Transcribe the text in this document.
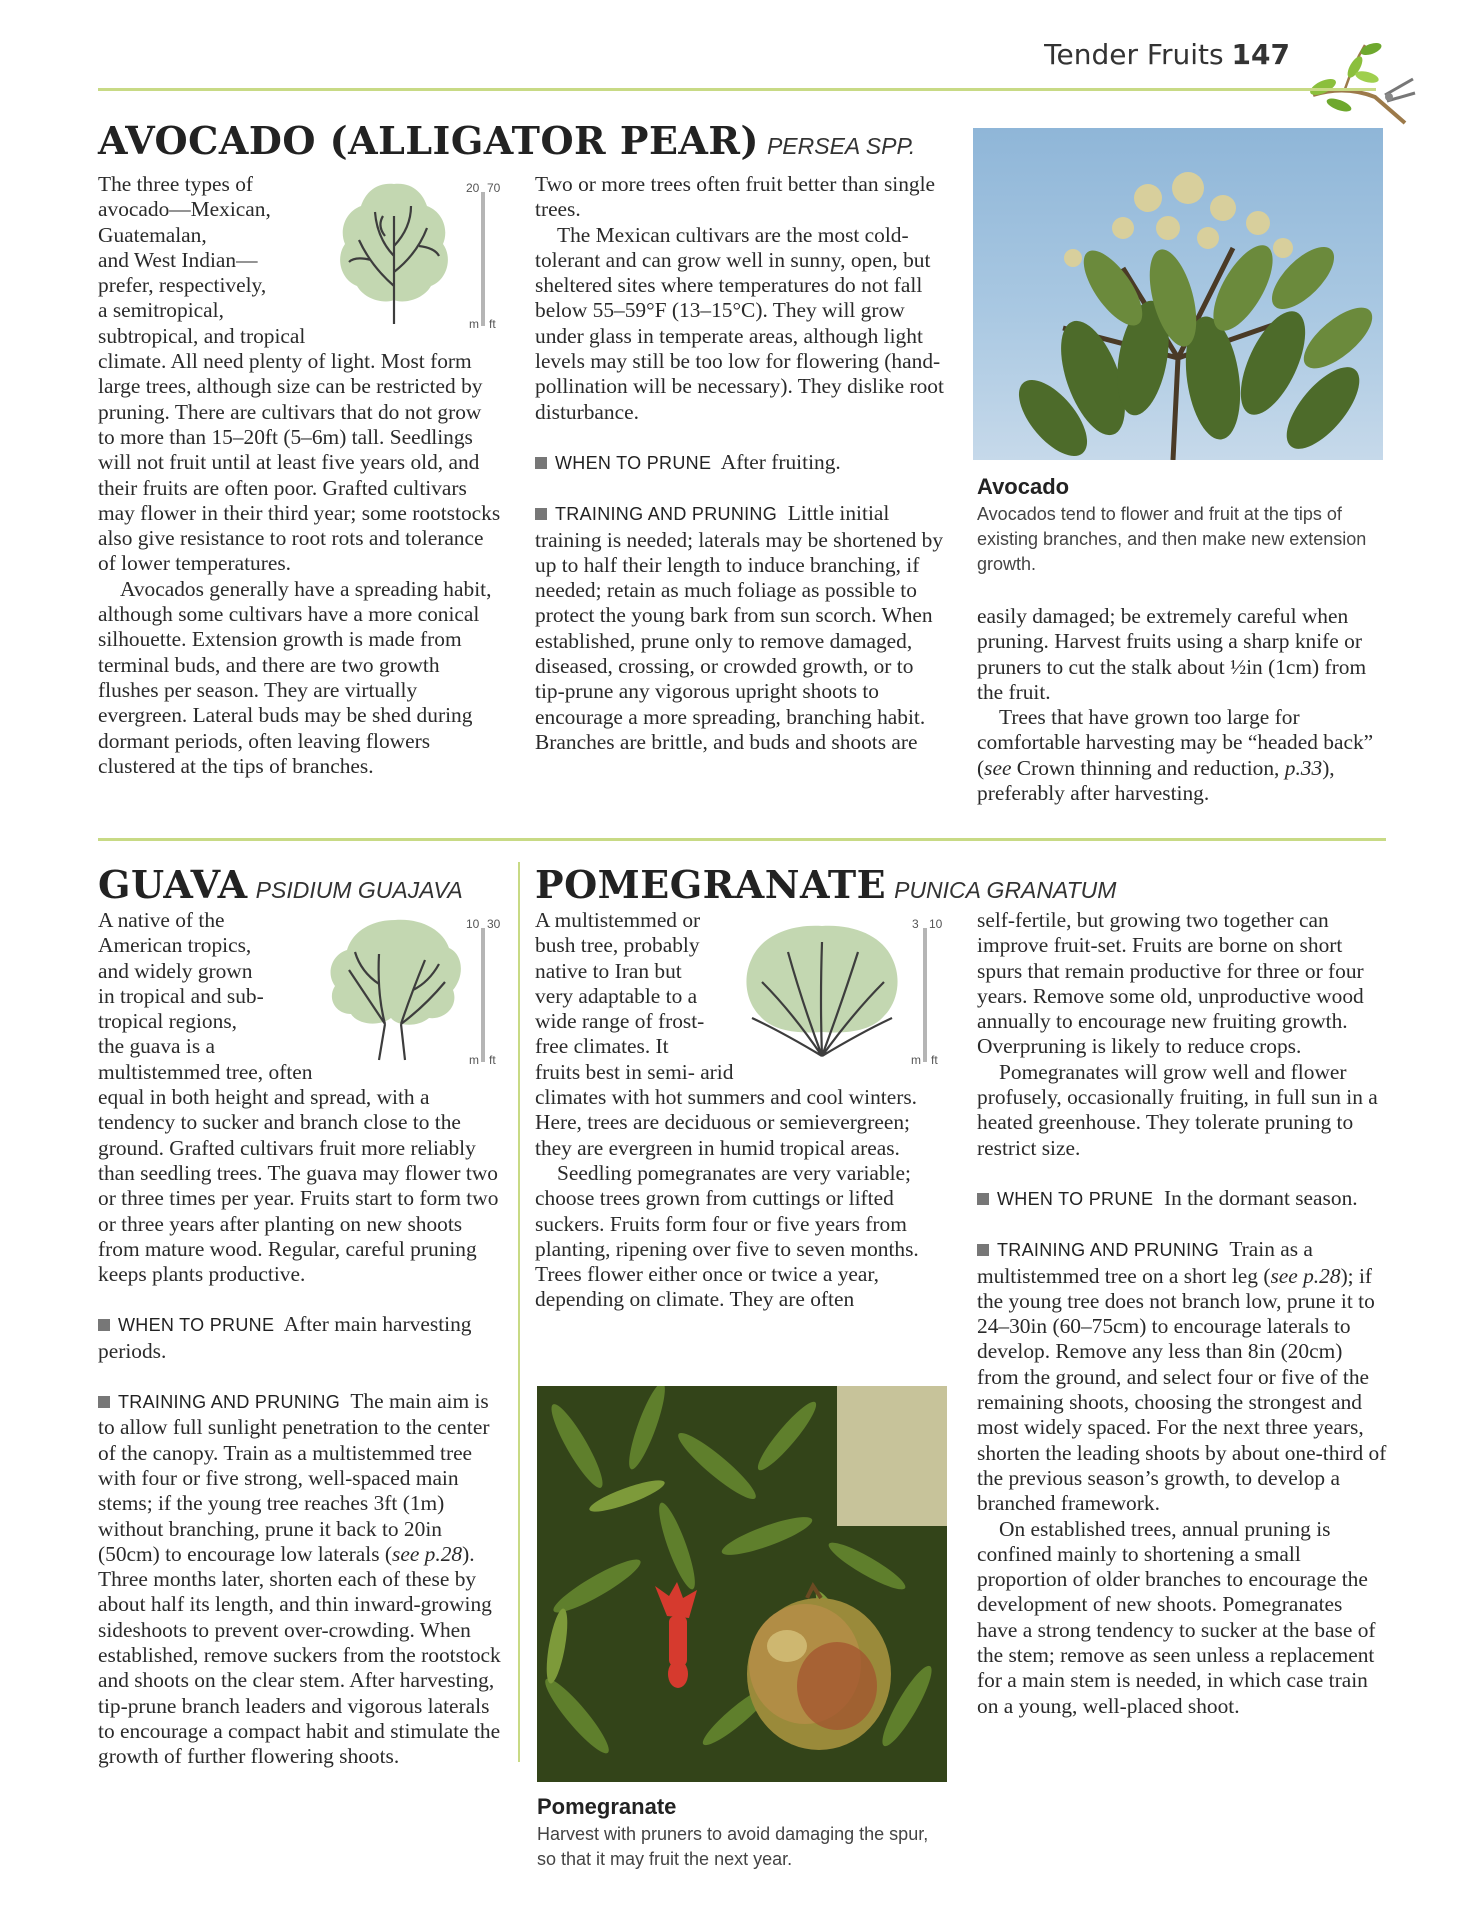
Tender Fruits 147
AVOCADO (ALLIGATOR PEAR) PERSEA SPP.
20 70
m ft

The three types of
avocado—Mexican,
Guatemalan,
and West Indian—
prefer, respectively,
a semitropical,
subtropical, and tropical climate. All need plenty of light. Most form large trees, although size can be restricted by pruning. There are cultivars that do not grow to more than 15–20ft (5–6m) tall. Seedlings will not fruit until at least five years old, and their fruits are often poor. Grafted cultivars may flower in their third year; some rootstocks also give resistance to root rots and tolerance of lower temperatures.

Avocados generally have a spreading habit, although some cultivars have a more conical silhouette. Extension growth is made from terminal buds, and there are two growth flushes per season. They are virtually evergreen. Lateral buds may be shed during dormant periods, often leaving flowers clustered at the tips of branches.

Two or more trees often fruit better than single trees.

The Mexican cultivars are the most cold-tolerant and can grow well in sunny, open, but sheltered sites where temperatures do not fall below 55–59°F (13–15°C). They will grow under glass in temperate areas, although light levels may still be too low for flowering (hand-pollination will be necessary). They dislike root disturbance.

WHEN TO PRUNE After fruiting.

TRAINING AND PRUNING Little initial training is needed; laterals may be shortened by up to half their length to induce branching, if needed; retain as much foliage as possible to protect the young bark from sun scorch. When established, prune only to remove damaged, diseased, crossing, or crowded growth, or to tip-prune any vigorous upright shoots to encourage a more spreading, branching habit. Branches are brittle, and buds and shoots are

Avocado
Avocados tend to flower and fruit at the tips of existing branches, and then make new extension growth.

easily damaged; be extremely careful when pruning. Harvest fruits using a sharp knife or pruners to cut the stalk about ½in (1cm) from the fruit.

Trees that have grown too large for comfortable harvesting may be “headed back” (see Crown thinning and reduction, p.33), preferably after harvesting.

GUAVA PSIDIUM GUAJAVA
10 30
m ft

A native of the
American tropics,
and widely grown
in tropical and sub-
tropical regions,
the guava is a
multistemmed tree, often equal in both height and spread, with a tendency to sucker and branch close to the ground. Grafted cultivars fruit more reliably than seedling trees. The guava may flower two or three times per year. Fruits start to form two or three years after planting on new shoots from mature wood. Regular, careful pruning keeps plants productive.

WHEN TO PRUNE After main harvesting periods.

TRAINING AND PRUNING The main aim is to allow full sunlight penetration to the center of the canopy. Train as a multistemmed tree with four or five strong, well-spaced main stems; if the young tree reaches 3ft (1m) without branching, prune it back to 20in (50cm) to encourage low laterals (see p.28). Three months later, shorten each of these by about half its length, and thin inward-growing sideshoots to prevent over-crowding. When established, remove suckers from the rootstock and shoots on the clear stem. After harvesting, tip-prune branch leaders and vigorous laterals to encourage a compact habit and stimulate the growth of further flowering shoots.

POMEGRANATE PUNICA GRANATUM
3 10
m ft

A multistemmed or
bush tree, probably
native to Iran but
very adaptable to a
wide range of frost-
free climates. It
fruits best in semi- arid climates with hot summers and cool winters. Here, trees are deciduous or semievergreen; they are evergreen in humid tropical areas.

Seedling pomegranates are very variable; choose trees grown from cuttings or lifted suckers. Fruits form four or five years from planting, ripening over five to seven months. Trees flower either once or twice a year, depending on climate. They are often

Pomegranate
Harvest with pruners to avoid damaging the spur, so that it may fruit the next year.

self-fertile, but growing two together can improve fruit-set. Fruits are borne on short spurs that remain productive for three or four years. Remove some old, unproductive wood annually to encourage new fruiting growth. Overpruning is likely to reduce crops.

Pomegranates will grow well and flower profusely, occasionally fruiting, in full sun in a heated greenhouse. They tolerate pruning to restrict size.

WHEN TO PRUNE In the dormant season.

TRAINING AND PRUNING Train as a multistemmed tree on a short leg (see p.28); if the young tree does not branch low, prune it to 24–30in (60–75cm) to encourage laterals to develop. Remove any less than 8in (20cm) from the ground, and select four or five of the remaining shoots, choosing the strongest and most widely spaced. For the next three years, shorten the leading shoots by about one-third of the previous season’s growth, to develop a branched framework.

On established trees, annual pruning is confined mainly to shortening a small proportion of older branches to encourage the development of new shoots. Pomegranates have a strong tendency to sucker at the base of the stem; remove as seen unless a replacement for a main stem is needed, in which case train on a young, well-placed shoot.
